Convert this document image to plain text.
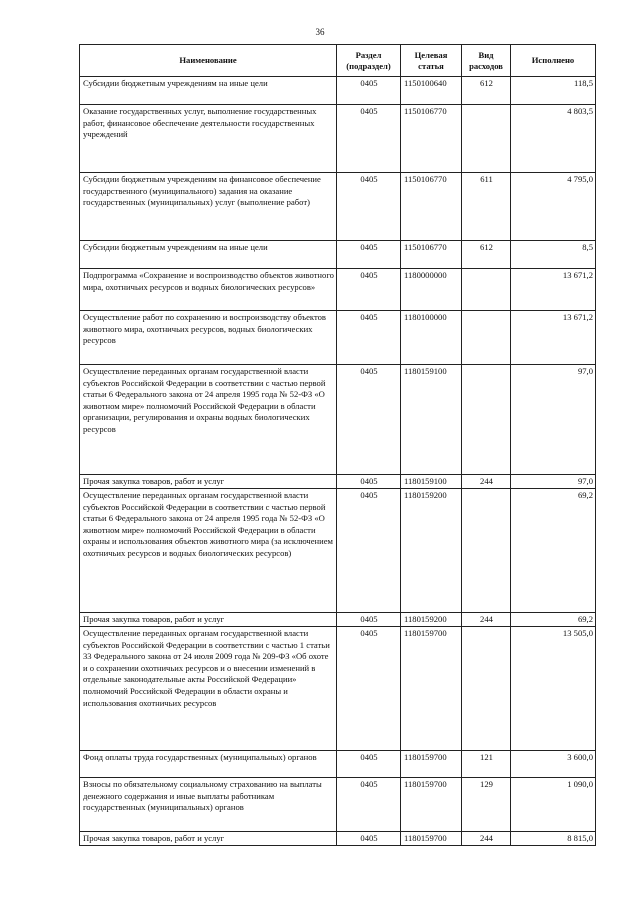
36
Наименование	Раздел (подраздел)	Целевая статья	Вид расходов	Исполнено
Субсидии бюджетным учреждениям на иные цели	0405	1150100640	612	118,5
Оказание государственных услуг, выполнение государственных работ, финансовое обеспечение деятельности государственных учреждений	0405	1150106770		4 803,5
Субсидии бюджетным учреждениям на финансовое обеспечение государственного (муниципального) задания на оказание государственных (муниципальных) услуг (выполнение работ)	0405	1150106770	611	4 795,0
Субсидии бюджетным учреждениям на иные цели	0405	1150106770	612	8,5
Подпрограмма «Сохранение и воспроизводство объектов животного мира, охотничьих ресурсов и водных биологических ресурсов»	0405	1180000000		13 671,2
Осуществление работ по сохранению и воспроизводству объектов животного мира, охотничьих ресурсов, водных биологических ресурсов	0405	1180100000		13 671,2
Осуществление переданных органам государственной власти субъектов Российской Федерации в соответствии с частью первой статьи 6 Федерального закона от 24 апреля 1995 года № 52-ФЗ «О животном мире» полномочий Российской Федерации в области организации, регулирования и охраны водных биологических ресурсов	0405	1180159100		97,0
Прочая закупка товаров, работ и услуг	0405	1180159100	244	97,0
Осуществление переданных органам государственной власти субъектов Российской Федерации в соответствии с частью первой статьи 6 Федерального закона от 24 апреля 1995 года № 52-ФЗ «О животном мире» полномочий Российской Федерации в области охраны и использования объектов животного мира (за исключением охотничьих ресурсов и водных биологических ресурсов)	0405	1180159200		69,2
Прочая закупка товаров, работ и услуг	0405	1180159200	244	69,2
Осуществление переданных органам государственной власти субъектов Российской Федерации в соответствии с частью 1 статьи 33 Федерального закона от 24 июля 2009 года № 209-ФЗ «Об охоте и о сохранении охотничьих ресурсов и о внесении изменений в отдельные законодательные акты Российской Федерации» полномочий Российской Федерации в области охраны и использования охотничьих ресурсов	0405	1180159700		13 505,0
Фонд оплаты труда государственных (муниципальных) органов	0405	1180159700	121	3 600,0
Взносы по обязательному социальному страхованию на выплаты денежного содержания и иные выплаты работникам государственных (муниципальных) органов	0405	1180159700	129	1 090,0
Прочая закупка товаров, работ и услуг	0405	1180159700	244	8 815,0
